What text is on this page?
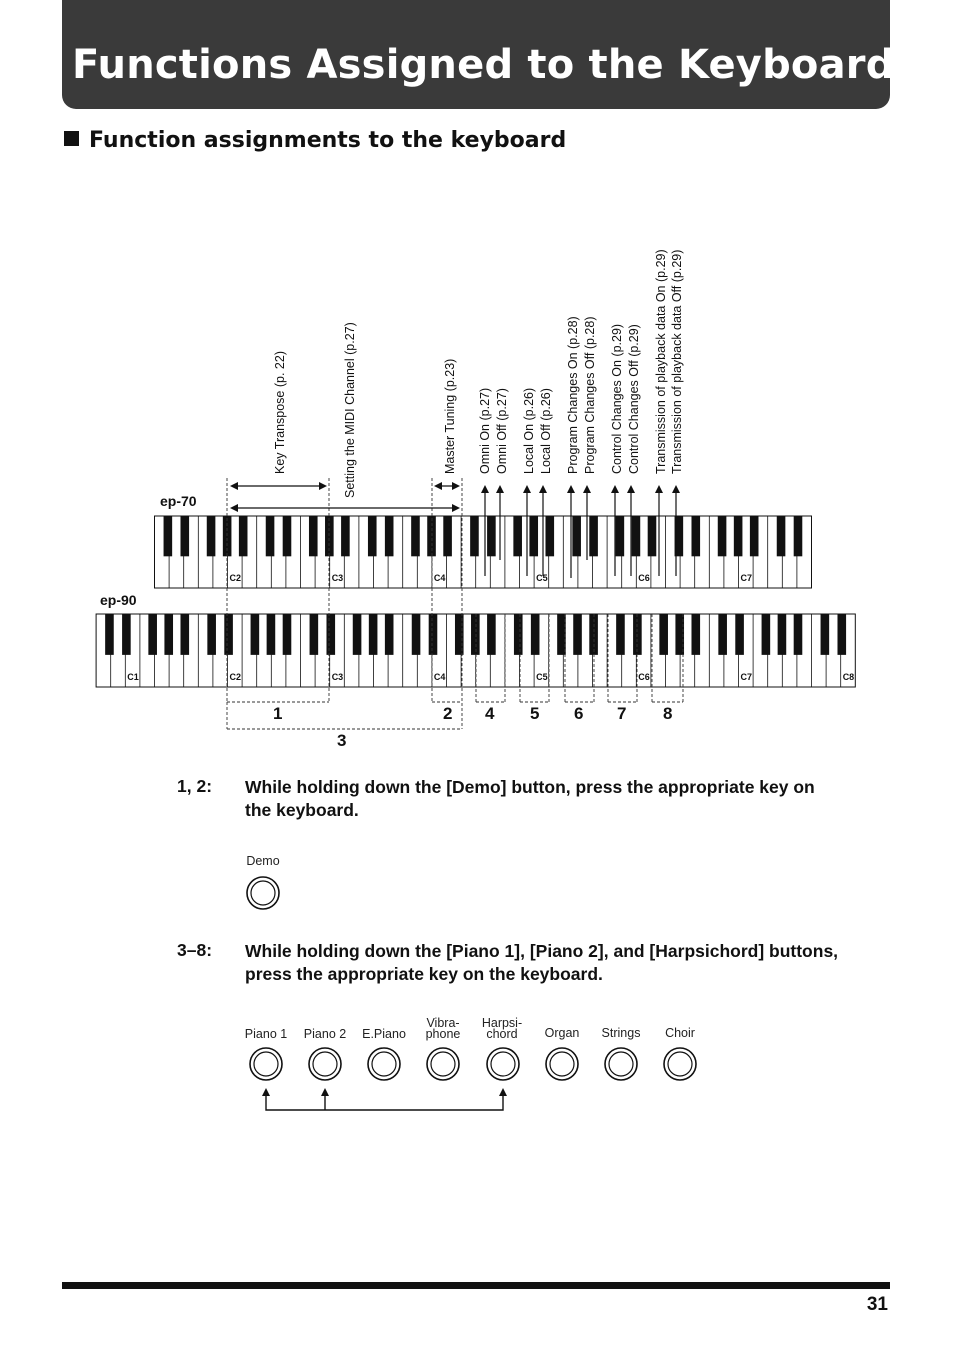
Functions Assigned to the Keyboard
Function assignments to the keyboard
C2	C3	C4	C5	C6	C7
C1	C2	C3	C4	C5	C6	C7	C8
Key Transpose (p. 22)	Setting the MIDI Channel (p.27)	Master Tuning (p.23) Omni On (p.27) Omni Off (p.27) Local On (p.26) Local Off (p.26) Program Changes On (p.28) Program Changes Off (p.28) Control Changes On (p.29) Control Changes Off (p.29) Transmission of playback data On (p.29) Transmission of playback data Off (p.29)
ep-70
ep-90
1	2 4 5 6 7 8
3
1, 2: While holding down the [Demo] button, press the appropriate key on the keyboard.
Demo
3–8: While holding down the [Piano 1], [Piano 2], and [Harpsichord] buttons, press the appropriate key on the keyboard.
Piano 1	Piano 2	E.Piano
Vibra-
phone
Harpsi-
chord	Organ	Strings	Choir
31
